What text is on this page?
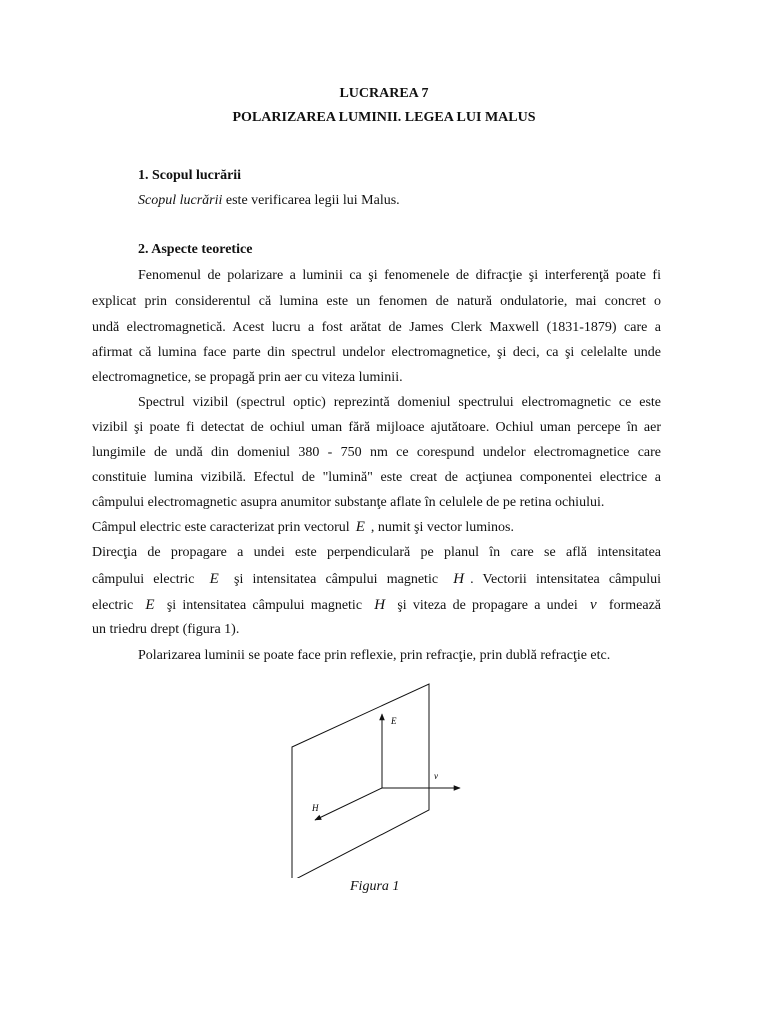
LUCRAREA 7
POLARIZAREA LUMINII. LEGEA LUI MALUS
1. Scopul lucrării
Scopul lucrării este verificarea legii lui Malus.
2. Aspecte teoretice
Fenomenul de polarizare a luminii ca şi fenomenele de difracţie şi interferenţă poate fi
explicat prin considerentul că lumina este un fenomen de natură ondulatorie, mai concret o
undă electromagnetică. Acest lucru a fost arătat de James Clerk Maxwell (1831-1879) care a
afirmat că lumina face parte din spectrul undelor electromagnetice, şi deci, ca şi celelalte unde
electromagnetice, se propagă prin aer cu viteza luminii.
Spectrul vizibil (spectrul optic) reprezintă domeniul spectrului electromagnetic ce este
vizibil şi poate fi detectat de ochiul uman fără mijloace ajutătoare. Ochiul uman percepe în aer
lungimile de undă din domeniul 380 - 750 nm ce corespund undelor electromagnetice care
constituie lumina vizibilă. Efectul de "lumină" este creat de acţiunea componentei electrice a
câmpului electromagnetic asupra anumitor substanţe aflate în celulele de pe retina ochiului.
Câmpul electric este caracterizat prin vectorul E , numit şi vector luminos.
Direcţia de propagare a undei este perpendiculară pe planul în care se află intensitatea
câmpului electric E şi intensitatea câmpului magnetic H . Vectorii intensitatea câmpului
electric E şi intensitatea câmpului magnetic H şi viteza de propagare a undei v formează
un triedru drept (figura 1).
Polarizarea luminii se poate face prin reflexie, prin refracţie, prin dublă refracţie etc.
E
v
H
Figura 1
